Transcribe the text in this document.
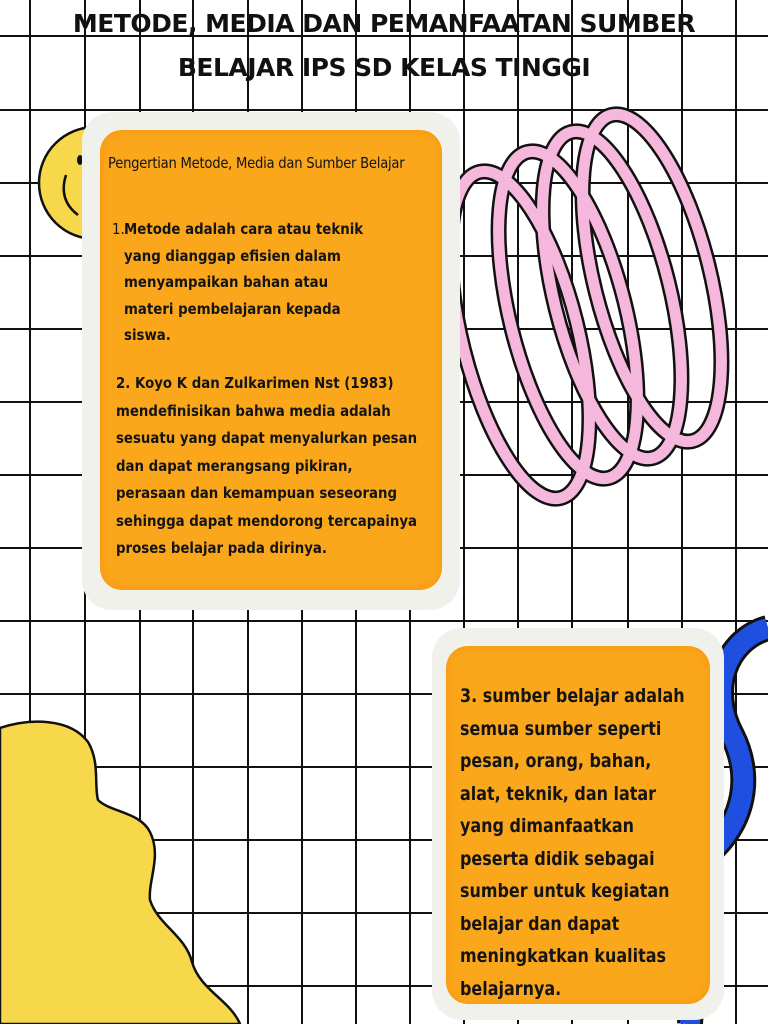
METODE, MEDIA DAN PEMANFAATAN SUMBER
BELAJAR IPS SD KELAS TINGGI
Pengertian Metode, Media dan Sumber Belajar
1. Metode adalah cara atau teknik yang dianggap efisien dalam menyampaikan bahan atau materi pembelajaran kepada siswa.
2. Koyo K dan Zulkarimen Nst (1983) mendefinisikan bahwa media adalah sesuatu yang dapat menyalurkan pesan dan dapat merangsang pikiran, perasaan dan kemampuan seseorang sehingga dapat mendorong tercapainya proses belajar pada dirinya.
3. sumber belajar adalah semua sumber seperti pesan, orang, bahan, alat, teknik, dan latar yang dimanfaatkan peserta didik sebagai sumber untuk kegiatan belajar dan dapat meningkatkan kualitas belajarnya.
